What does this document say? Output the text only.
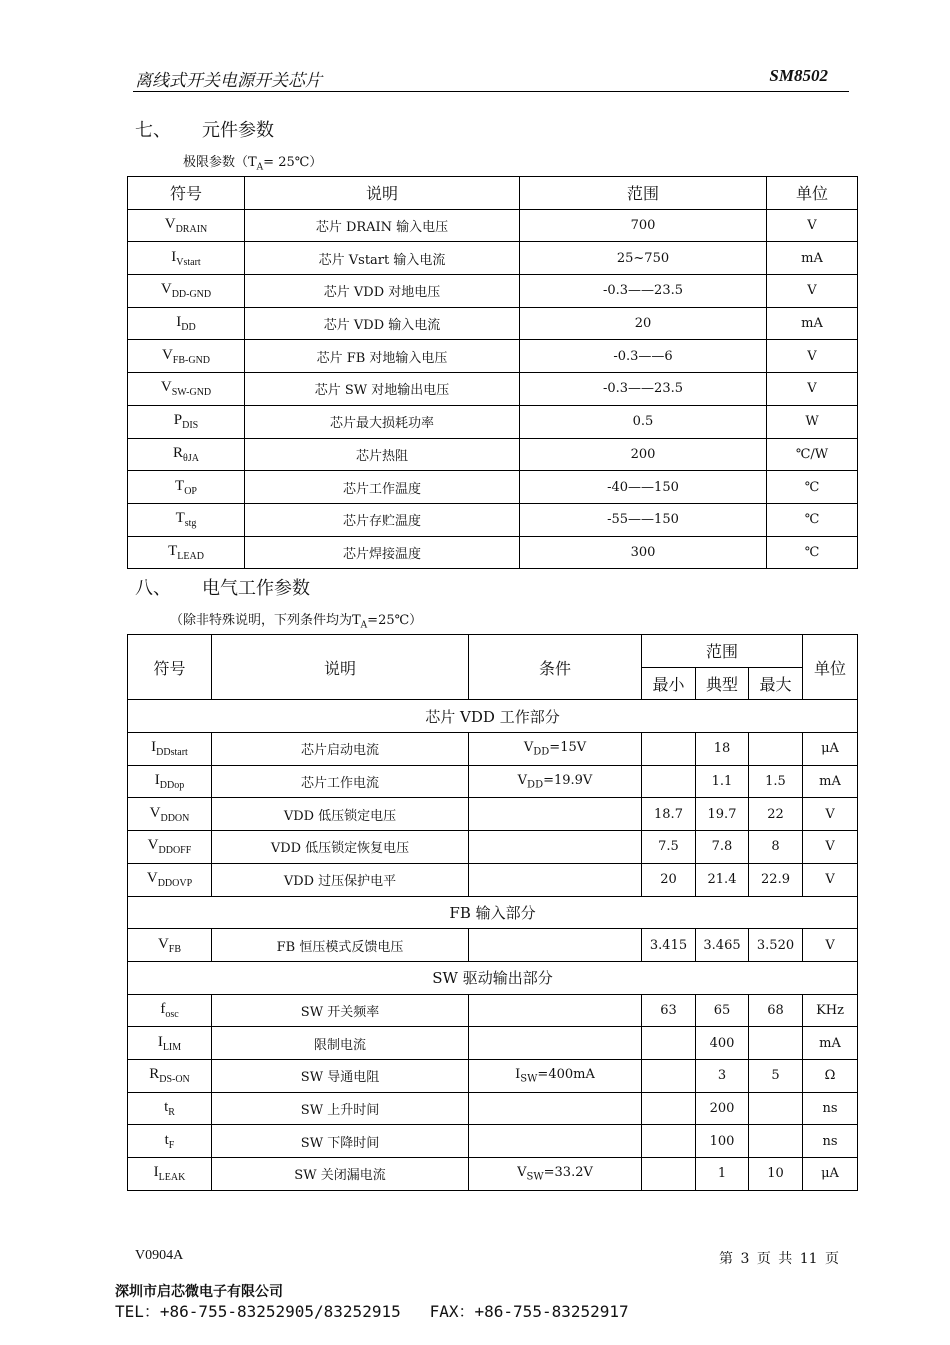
离线式开关电源开关芯片	SM8502
七、 元件参数
极限参数（$T_A=$ 25℃）
符号	说明	范围	单位
$V_{DRAIN}$	芯片 DRAIN 输入电压	700	V
$I_{Vstart}$	芯片 Vstart 输入电流	25~750	mA
$V_{DD-GND}$	芯片 VDD 对地电压	-0.3——23.5	V
$I_{DD}$	芯片 VDD 输入电流	20	mA
$V_{FB-GND}$	芯片 FB 对地输入电压	-0.3——6	V
$V_{SW-GND}$	芯片 SW 对地输出电压	-0.3——23.5	V
$P_{DIS}$	芯片最大损耗功率	0.5	W
$R_{\theta JA}$	芯片热阻	200	℃/W
$T_{OP}$	芯片工作温度	-40——150	℃
$T_{stg}$	芯片存贮温度	-55——150	℃
$T_{LEAD}$	芯片焊接温度	300	℃
八、 电气工作参数
（除非特殊说明，下列条件均为$T_A=25℃$）
符号	说明	条件	范围			单位
			最小	典型	最大	
芯片 VDD 工作部分						
$I_{DDstart}$	芯片启动电流	$V_{DD}=15V$		18		μA
$I_{DDop}$	芯片工作电流	$V_{DD}=19.9V$		1.1	1.5	mA
$V_{DDON}$	VDD 低压锁定电压		18.7	19.7	22	V
$V_{DDOFF}$	VDD 低压锁定恢复电压		7.5	7.8	8	V
$V_{DDOVP}$	VDD 过压保护电平		20	21.4	22.9	V
FB 输入部分						
$V_{FB}$	FB 恒压模式反馈电压		3.415	3.465	3.520	V
SW 驱动输出部分						
$f_{osc}$	SW 开关频率		63	65	68	KHz
$I_{LIM}$	限制电流			400		mA
$R_{DS-ON}$	SW 导通电阻	$I_{SW}=400mA$		3	5	Ω
$t_R$	SW 上升时间			200		ns
$t_F$	SW 下降时间			100		ns
$I_{LEAK}$	SW 关闭漏电流	$V_{SW}=33.2V$		1	10	μA
V0904A	第 3 页 共 11 页
深圳市启芯微电子有限公司
TEL：+86-755-83252905/83252915   FAX：+86-755-83252917
